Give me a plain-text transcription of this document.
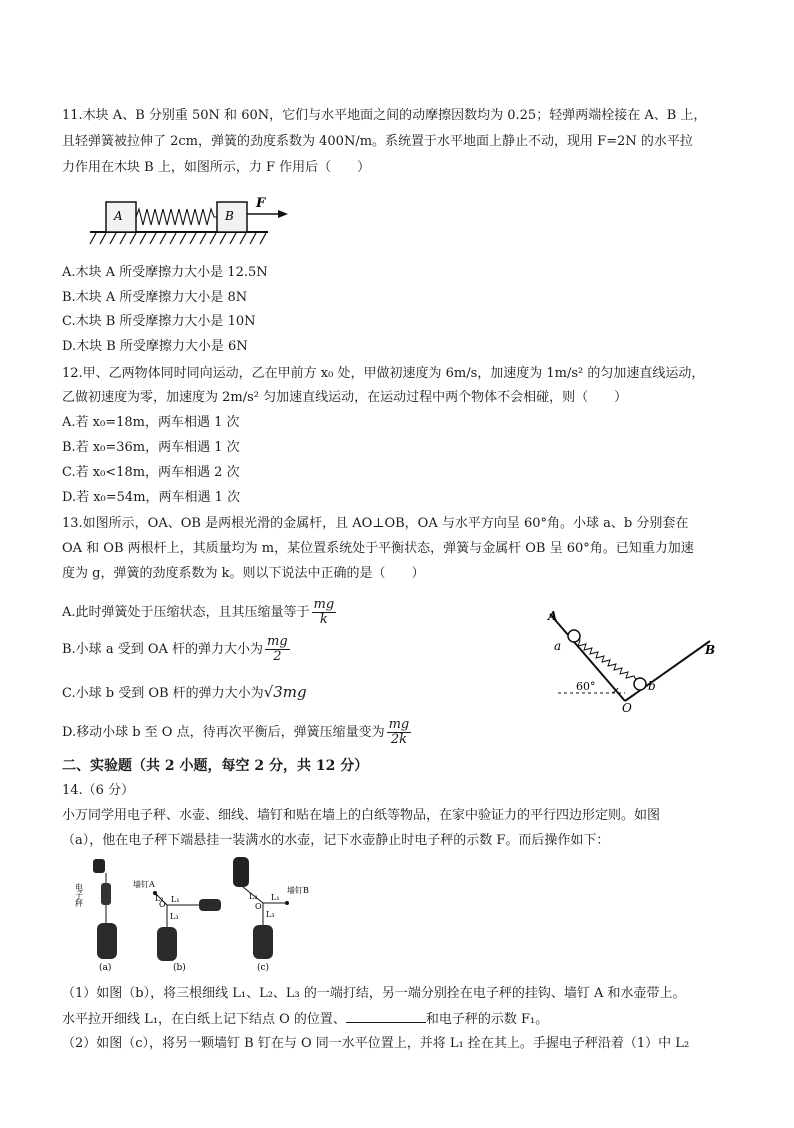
11.木块 A、B 分别重 50N 和 60N，它们与水平地面之间的动摩擦因数均为 0.25；轻弹两端栓接在 A、B 上，
且轻弹簧被拉伸了 2cm，弹簧的劲度系数为 400N/m。系统置于水平地面上静止不动，现用 F=2N 的水平拉
力作用在木块 B 上，如图所示，力 F 作用后（　　）
A	B
F
A.木块 A 所受摩擦力大小是 12.5N
B.木块 A 所受摩擦力大小是 8N
C.木块 B 所受摩擦力大小是 10N
D.木块 B 所受摩擦力大小是 6N
12.甲、乙两物体同时同向运动，乙在甲前方 x₀ 处，甲做初速度为 6m/s，加速度为 1m/s² 的匀加速直线运动，
乙做初速度为零，加速度为 2m/s² 匀加速直线运动，在运动过程中两个物体不会相碰，则（　　）
A.若 x₀=18m，两车相遇 1 次
B.若 x₀=36m，两车相遇 1 次
C.若 x₀<18m，两车相遇 2 次
D.若 x₀=54m，两车相遇 1 次
13.如图所示，OA、OB 是两根光滑的金属杆，且 AO⊥OB，OA 与水平方向呈 60°角。小球 a、b 分别套在
OA 和 OB 两根杆上，其质量均为 m，某位置系统处于平衡状态，弹簧与金属杆 OB 呈 60°角。已知重力加速
度为 g，弹簧的劲度系数为 k。则以下说法中正确的是（　　）
A.此时弹簧处于压缩状态，且其压缩量等于 $\frac{mg}{k}$
B.小球 a 受到 OA 杆的弹力大小为 $\frac{mg}{2}$
C.小球 b 受到 OB 杆的弹力大小为√3mg
D.移动小球 b 至 O 点，待再次平衡后，弹簧压缩量变为 $\frac{mg}{2k}$
A
B
a
b
O
60°
二、实验题（共 2 小题，每空 2 分，共 12 分）
14.（6 分）
小万同学用电子秤、水壶、细线、墙钉和贴在墙上的白纸等物品，在家中验证力的平行四边形定则。如图
（a），他在电子秤下端悬挂一装满水的水壶，记下水壶静止时电子秤的示数 F。而后操作如下：
电子秤
(a)
墙钉A
O
L₁
L₂
L₃
(b)
墙钉B
O
L₁
L₂
L₃
(c)
（1）如图（b），将三根细线 L₁、L₂、L₃ 的一端打结，另一端分别拴在电子秤的挂钩、墙钉 A 和水壶带上。
水平拉开细线 L₁，在白纸上记下结点 O 的位置、	和电子秤的示数 F₁。
（2）如图（c），将另一颗墙钉 B 钉在与 O 同一水平位置上，并将 L₁ 拴在其上。手握电子秤沿着（1）中 L₂
